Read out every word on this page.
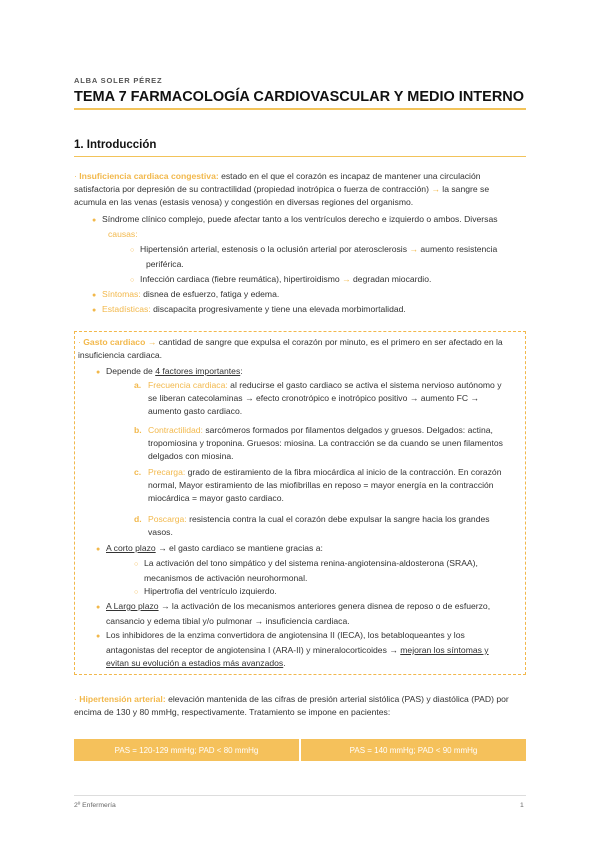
ALBA SOLER PÉREZ
TEMA 7 FARMACOLOGÍA CARDIOVASCULAR Y MEDIO INTERNO
1. Introducción
· Insuficiencia cardiaca congestiva: estado en el que el corazón es incapaz de mantener una circulación
satisfactoria por depresión de su contractilidad (propiedad inotrópica o fuerza de contracción) → la sangre se
acumula en las venas (estasis venosa) y congestión en diversas regiones del organismo.
● Síndrome clínico complejo, puede afectar tanto a los ventrículos derecho e izquierdo o ambos. Diversas
causas:
○ Hipertensión arterial, estenosis o la oclusión arterial por aterosclerosis → aumento resistencia
periférica.
○ Infección cardiaca (fiebre reumática), hipertiroidismo → degradan miocardio.
● Síntomas: disnea de esfuerzo, fatiga y edema.
● Estadísticas: discapacita progresivamente y tiene una elevada morbimortalidad.
· Gasto cardiaco → cantidad de sangre que expulsa el corazón por minuto, es el primero en ser afectado en la
insuficiencia cardiaca.
● Depende de 4 factores importantes:
a. Frecuencia cardiaca: al reducirse el gasto cardiaco se activa el sistema nervioso autónomo y
se liberan catecolaminas → efecto cronotrópico e inotrópico positivo → aumento FC →
aumento gasto cardiaco.
b. Contractilidad: sarcómeros formados por filamentos delgados y gruesos. Delgados: actina,
tropomiosina y troponina. Gruesos: miosina. La contracción se da cuando se unen filamentos
delgados con miosina.
c. Precarga: grado de estiramiento de la fibra miocárdica al inicio de la contracción. En corazón
normal, Mayor estiramiento de las miofibrillas en reposo = mayor energía en la contracción
miocárdica = mayor gasto cardiaco.
d. Poscarga: resistencia contra la cual el corazón debe expulsar la sangre hacia los grandes
vasos.
● A corto plazo → el gasto cardiaco se mantiene gracias a:
○ La activación del tono simpático y del sistema renina-angiotensina-aldosterona (SRAA),
mecanismos de activación neurohormonal.
○ Hipertrofia del ventrículo izquierdo.
● A Largo plazo → la activación de los mecanismos anteriores genera disnea de reposo o de esfuerzo,
cansancio y edema tibial y/o pulmonar → insuficiencia cardiaca.
● Los inhibidores de la enzima convertidora de angiotensina II (IECA), los betabloqueantes y los
antagonistas del receptor de angiotensina I (ARA-II) y mineralocorticoides → mejoran los síntomas y
evitan su evolución a estadios más avanzados.
· Hipertensión arterial: elevación mantenida de las cifras de presión arterial sistólica (PAS) y diastólica (PAD) por
encima de 130 y 80 mmHg, respectivamente. Tratamiento se impone en pacientes:
PAS = 120-129 mmHg; PAD < 80 mmHg	PAS = 140 mmHg; PAD < 90 mmHg
2º Enfermería	1
